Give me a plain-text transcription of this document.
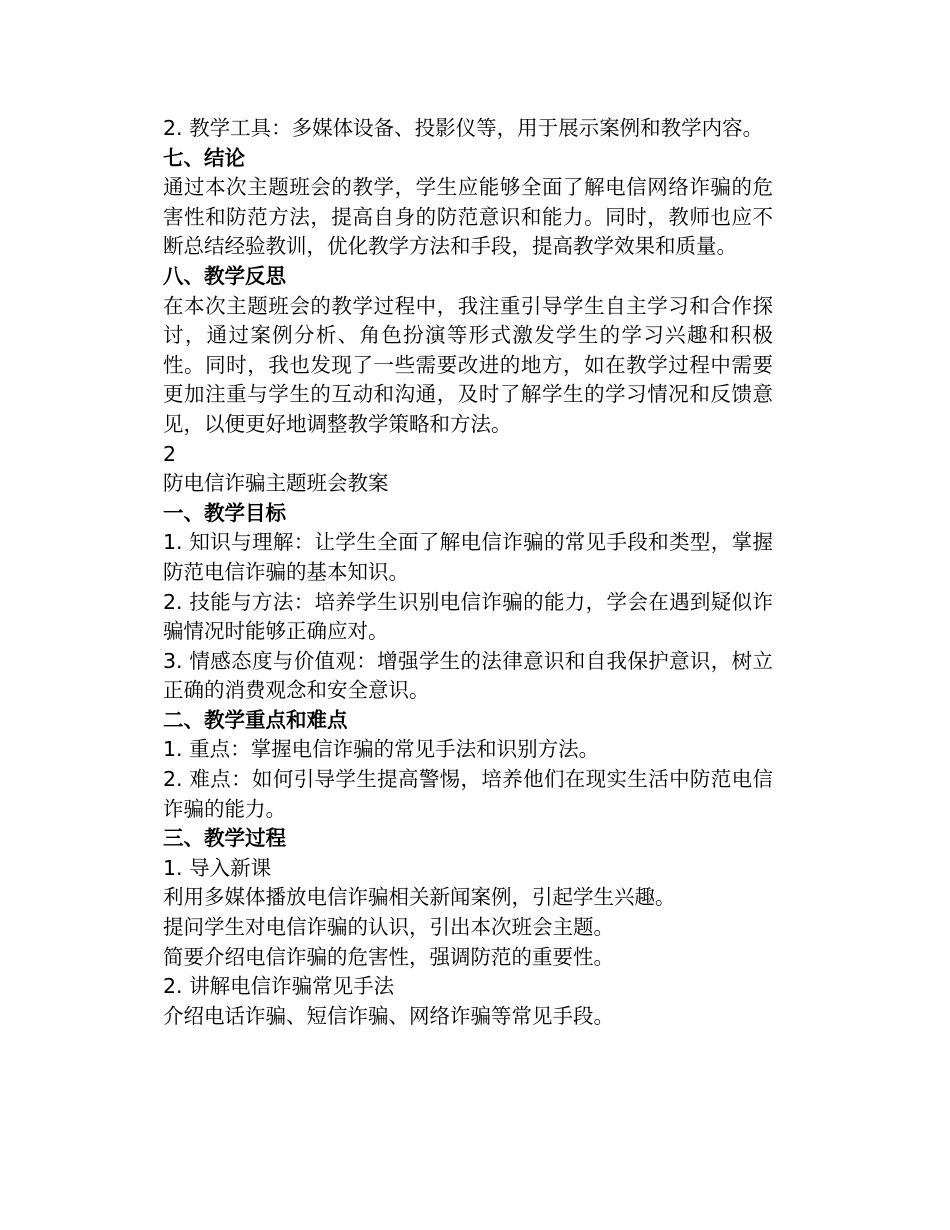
2. 教学工具：多媒体设备、投影仪等，用于展示案例和教学内容。

七、结论

通过本次主题班会的教学，学生应能够全面了解电信网络诈骗的危害性和防范方法，提高自身的防范意识和能力。同时，教师也应不断总结经验教训，优化教学方法和手段，提高教学效果和质量。

八、教学反思

在本次主题班会的教学过程中，我注重引导学生自主学习和合作探讨，通过案例分析、角色扮演等形式激发学生的学习兴趣和积极性。同时，我也发现了一些需要改进的地方，如在教学过程中需要更加注重与学生的互动和沟通，及时了解学生的学习情况和反馈意见，以便更好地调整教学策略和方法。

2

防电信诈骗主题班会教案

一、教学目标

1. 知识与理解：让学生全面了解电信诈骗的常见手段和类型，掌握防范电信诈骗的基本知识。

2. 技能与方法：培养学生识别电信诈骗的能力，学会在遇到疑似诈骗情况时能够正确应对。

3. 情感态度与价值观：增强学生的法律意识和自我保护意识，树立正确的消费观念和安全意识。

二、教学重点和难点

1. 重点：掌握电信诈骗的常见手法和识别方法。

2. 难点：如何引导学生提高警惕，培养他们在现实生活中防范电信诈骗的能力。

三、教学过程

1. 导入新课

利用多媒体播放电信诈骗相关新闻案例，引起学生兴趣。

提问学生对电信诈骗的认识，引出本次班会主题。

简要介绍电信诈骗的危害性，强调防范的重要性。

2. 讲解电信诈骗常见手法

介绍电话诈骗、短信诈骗、网络诈骗等常见手段。
